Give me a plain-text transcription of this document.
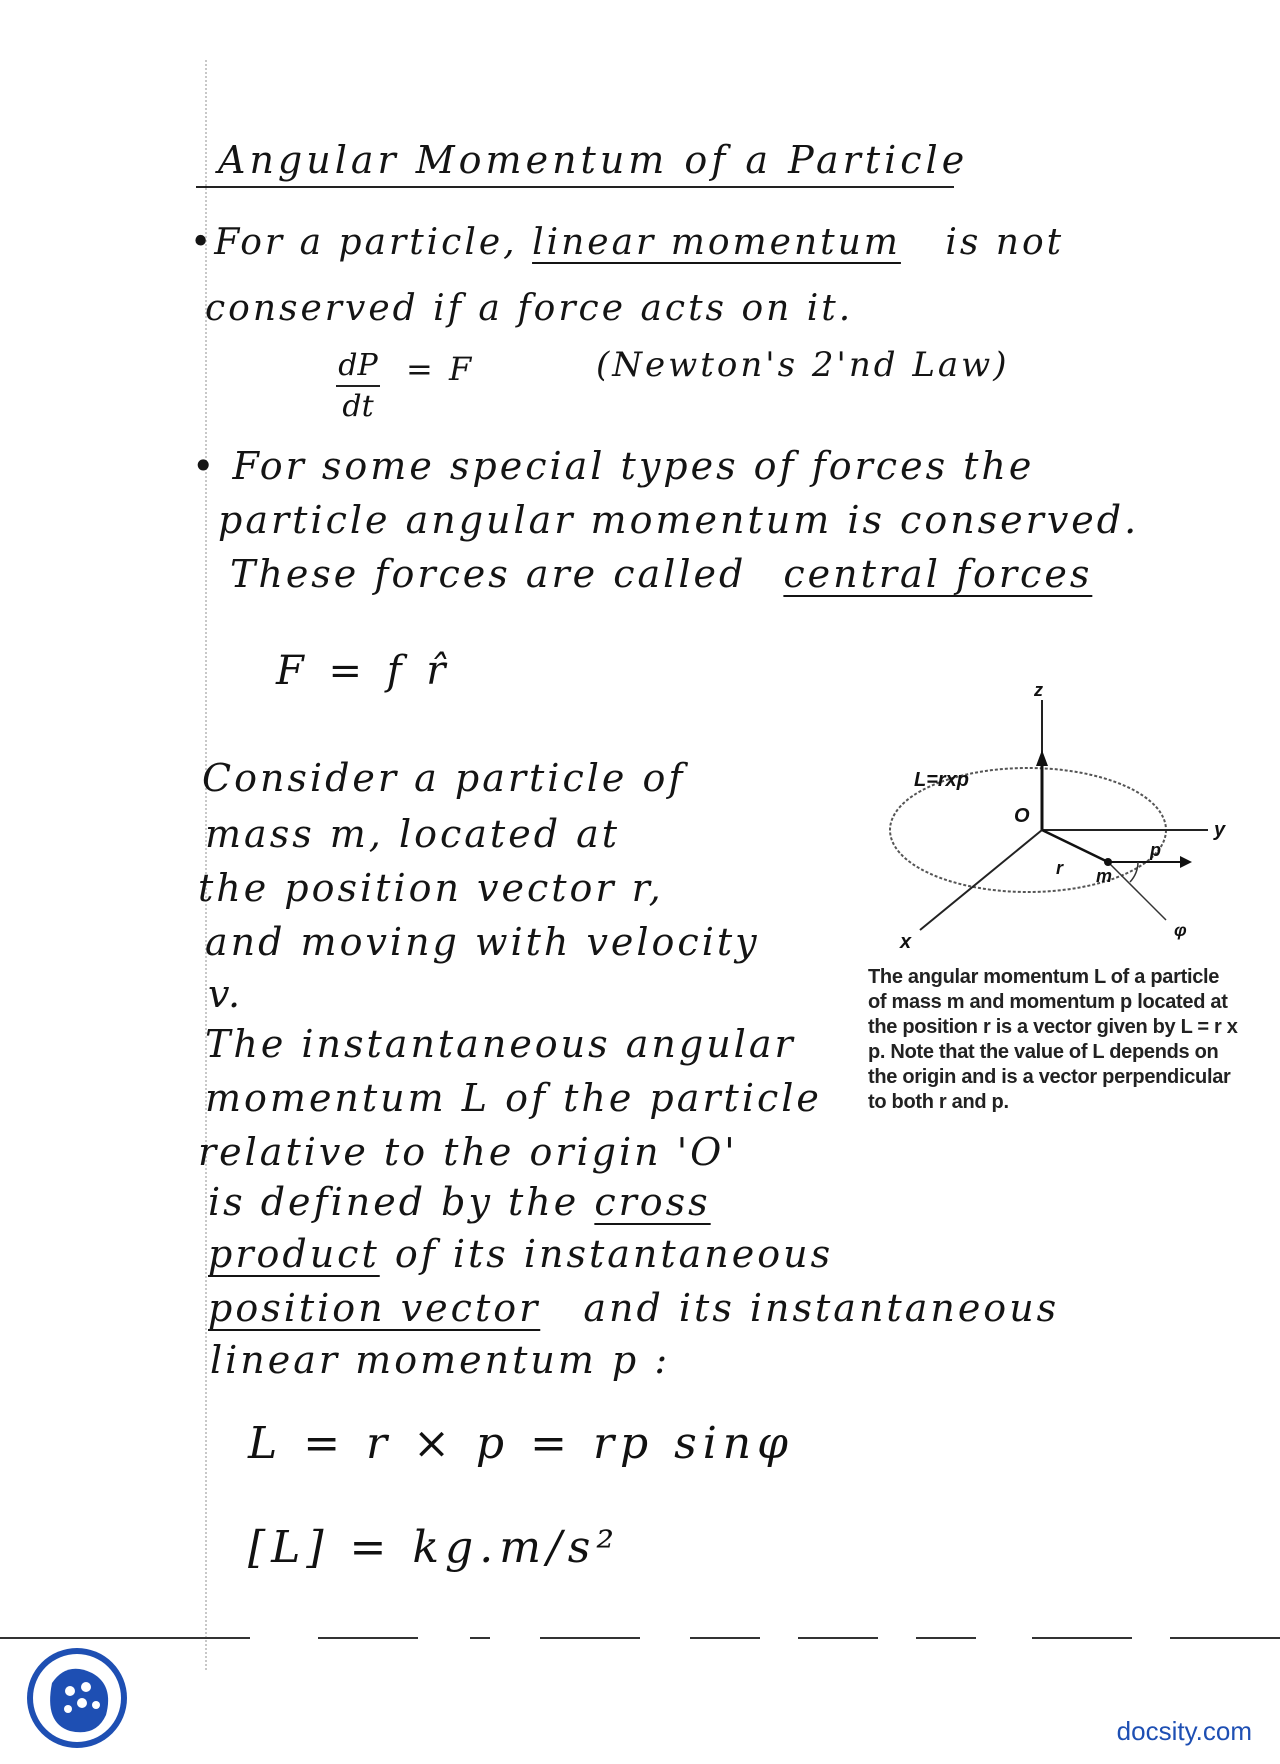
Angular Momentum of a Particle
•For a particle, linear momentum is not
conserved if a force acts on it.
dP
dt
= F	(Newton's 2'nd Law)
• For some special types of forces the
particle angular momentum is conserved.
These forces are called central forces
F = f r̂
Consider a particle of
mass m, located at
the position vector r,
and moving with velocity
v.
The instantaneous angular
momentum L of the particle
relative to the origin 'O'
is defined by the cross
product of its instantaneous
position vector and its instantaneous
linear momentum p :
L = r × p = rp sinφ
[L] = kg.m/s²
L=rxp
z
O
y
x
p
r m
φ
The angular momentum L of a particle of mass m and momentum p located at the position r is a vector given by L = r x p. Note that the value of L depends on the origin and is a vector perpendicular to both r and p.
docsity.com
